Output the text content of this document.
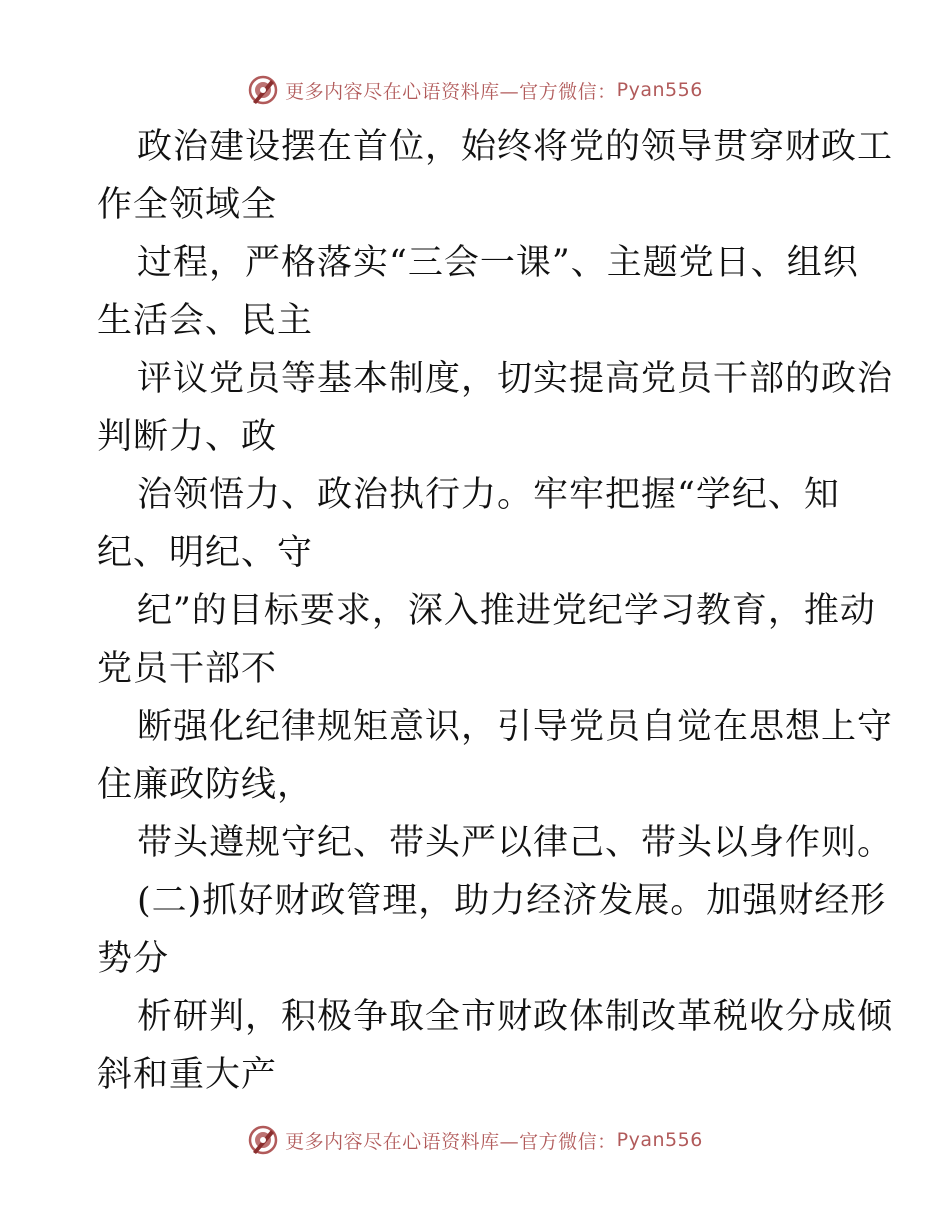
更多内容尽在心语资料库—官方微信： Pyan556
政治建设摆在首位，始终将党的领导贯穿财政工
作全领域全
过程，严格落实“三会一课”、主题党日、组织
生活会、民主
评议党员等基本制度，切实提高党员干部的政治
判断力、政
治领悟力、政治执行力。牢牢把握“学纪、知
纪、明纪、守
纪”的目标要求，深入推进党纪学习教育，推动
党员干部不
断强化纪律规矩意识，引导党员自觉在思想上守
住廉政防线，
带头遵规守纪、带头严以律己、带头以身作则。
(二)抓好财政管理，助力经济发展。加强财经形
势分
析研判，积极争取全市财政体制改革税收分成倾
斜和重大产
更多内容尽在心语资料库—官方微信： Pyan556
